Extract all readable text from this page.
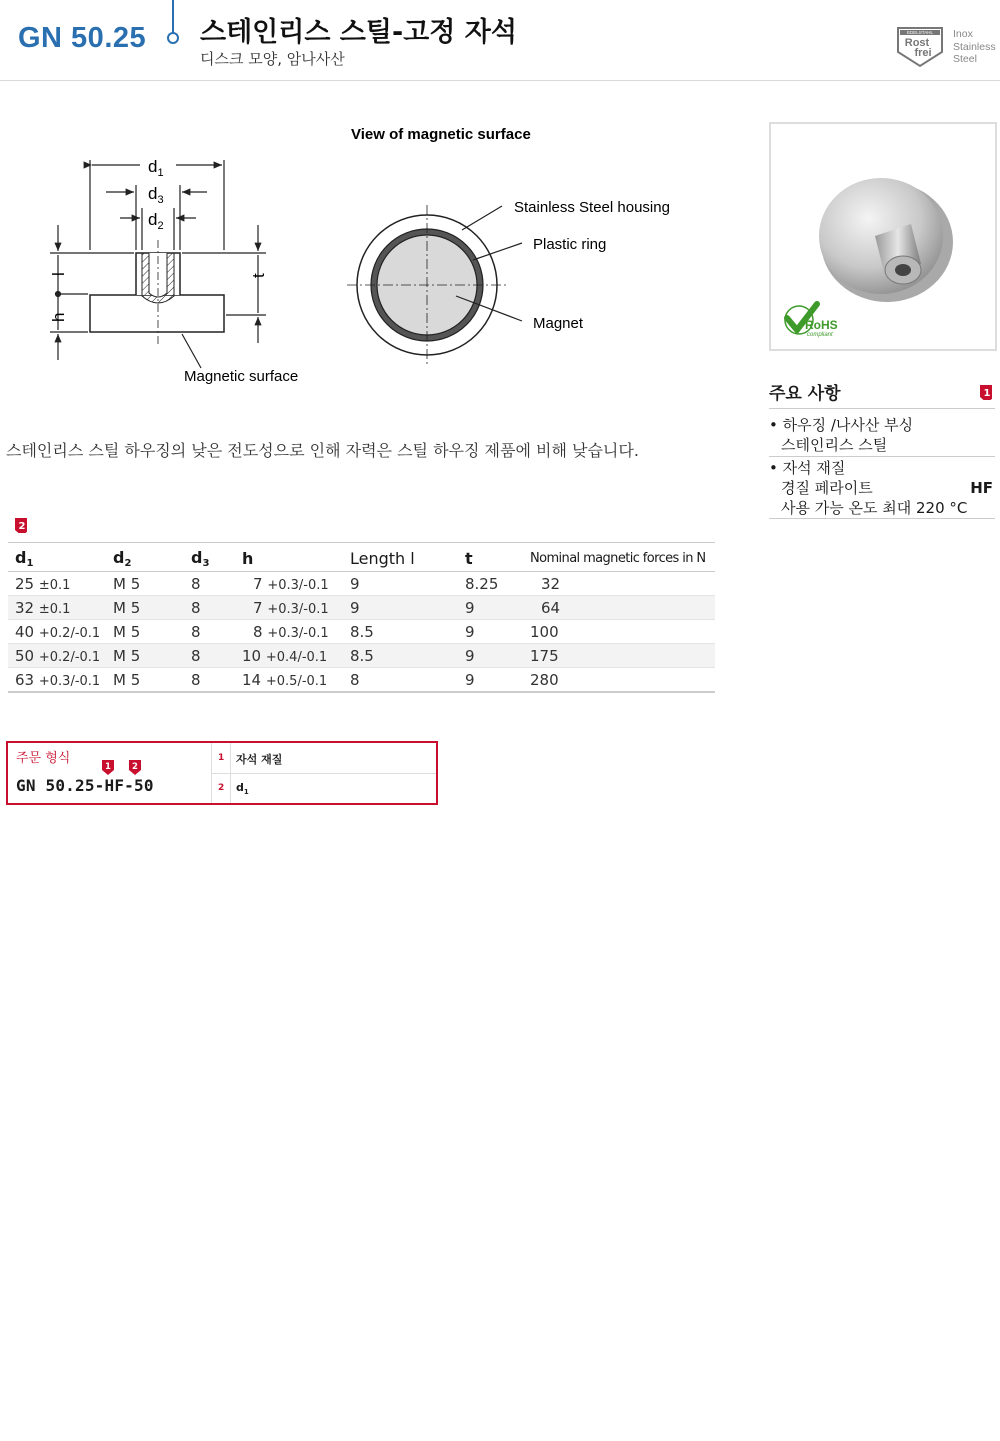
GN 50.25 스테인리스 스틸-고정 자석
디스크 모양, 암나사산
EDELSTAHL
Rost
frei
Inox
Stainless
Steel
$d_1$
$d_3$
$d_2$
h
l	t
Magnetic surface
View of magnetic surface
Stainless Steel housing
Plastic ring
Magnet	RoHS
compliant
주요 사항	1
• 하우징 /나사산 부싱
스테인리스 스틸
• 자석 재질
경질 페라이트	HF
사용 가능 온도 최대 220 °C
스테인리스 스틸 하우징의 낮은 전도성으로 인해 자력은 스틸 하우징 제품에 비해 낮습니다.
2
$d_1$	$d_2$	$d_3$	h	Length l	t	Nominal magnetic forces in N
25 ±0.1	M 5	8	7 +0.3/-0.1	9	8.25	32
32 ±0.1	M 5	8	7 +0.3/-0.1	9	9	64
40 +0.2/-0.1	M 5	8	8 +0.3/-0.1	8.5	9	100
50 +0.2/-0.1	M 5	8	10 +0.4/-0.1	8.5	9	175
63 +0.3/-0.1	M 5	8	14 +0.5/-0.1	8	9	280
주문 형식
1 2
GN 50.25-HF-50
1 자석 재질
2 $d_1$
